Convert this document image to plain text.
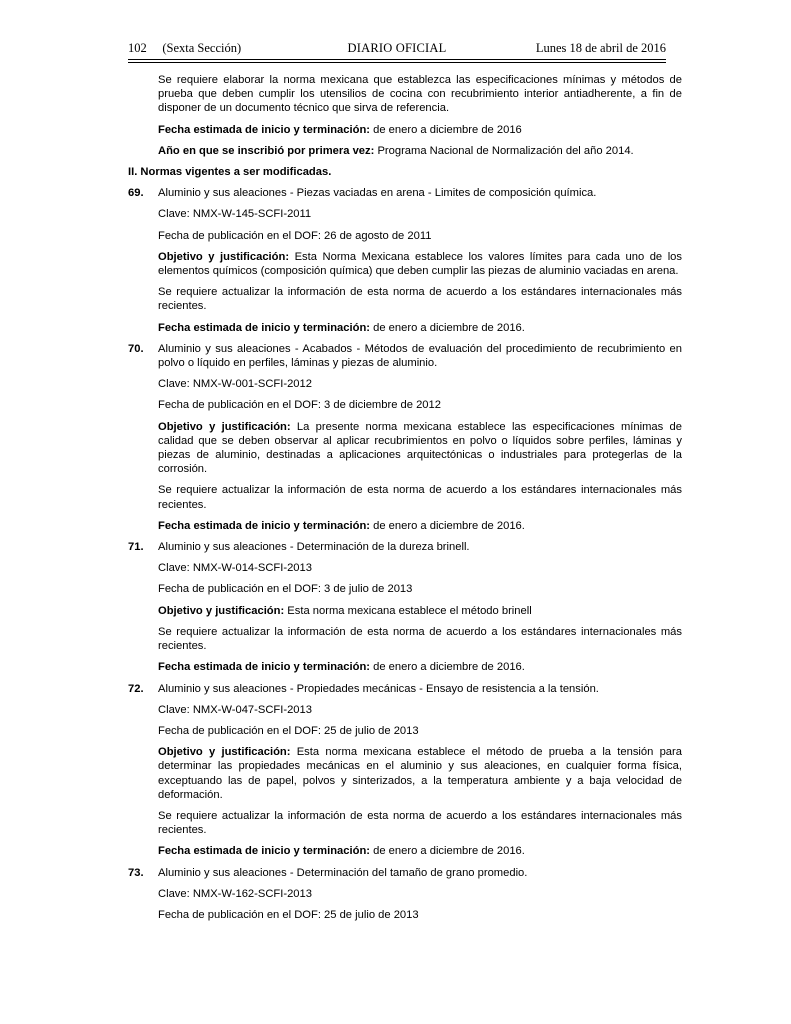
102     (Sexta Sección)	DIARIO OFICIAL	Lunes 18 de abril de 2016

Se requiere elaborar la norma mexicana que establezca las especificaciones mínimas y métodos de prueba que deben cumplir los utensilios de cocina con recubrimiento interior antiadherente, a fin de disponer de un documento técnico que sirva de referencia.

Fecha estimada de inicio y terminación: de enero a diciembre de 2016

Año en que se inscribió por primera vez: Programa Nacional de Normalización del año 2014.

II. Normas vigentes a ser modificadas.

69. Aluminio y sus aleaciones - Piezas vaciadas en arena - Limites de composición química.

Clave: NMX-W-145-SCFI-2011

Fecha de publicación en el DOF: 26 de agosto de 2011

Objetivo y justificación: Esta Norma Mexicana establece los valores límites para cada uno de los elementos químicos (composición química) que deben cumplir las piezas de aluminio vaciadas en arena.

Se requiere actualizar la información de esta norma de acuerdo a los estándares internacionales más recientes.

Fecha estimada de inicio y terminación: de enero a diciembre de 2016.

70. Aluminio y sus aleaciones - Acabados - Métodos de evaluación del procedimiento de recubrimiento en polvo o líquido en perfiles, láminas y piezas de aluminio.

Clave: NMX-W-001-SCFI-2012

Fecha de publicación en el DOF: 3 de diciembre de 2012

Objetivo y justificación: La presente norma mexicana establece las especificaciones mínimas de calidad que se deben observar al aplicar recubrimientos en polvo o líquidos sobre perfiles, láminas y piezas de aluminio, destinadas a aplicaciones arquitectónicas o industriales para protegerlas de la corrosión.

Se requiere actualizar la información de esta norma de acuerdo a los estándares internacionales más recientes.

Fecha estimada de inicio y terminación: de enero a diciembre de 2016.

71. Aluminio y sus aleaciones - Determinación de la dureza brinell.

Clave: NMX-W-014-SCFI-2013

Fecha de publicación en el DOF: 3 de julio de 2013

Objetivo y justificación: Esta norma mexicana establece el método brinell

Se requiere actualizar la información de esta norma de acuerdo a los estándares internacionales más recientes.

Fecha estimada de inicio y terminación: de enero a diciembre de 2016.

72. Aluminio y sus aleaciones - Propiedades mecánicas - Ensayo de resistencia a la tensión.

Clave: NMX-W-047-SCFI-2013

Fecha de publicación en el DOF: 25 de julio de 2013

Objetivo y justificación: Esta norma mexicana establece el método de prueba a la tensión para determinar las propiedades mecánicas en el aluminio y sus aleaciones, en cualquier forma física, exceptuando las de papel, polvos y sinterizados, a la temperatura ambiente y a baja velocidad de deformación.

Se requiere actualizar la información de esta norma de acuerdo a los estándares internacionales más recientes.

Fecha estimada de inicio y terminación: de enero a diciembre de 2016.

73. Aluminio y sus aleaciones - Determinación del tamaño de grano promedio.

Clave: NMX-W-162-SCFI-2013

Fecha de publicación en el DOF: 25 de julio de 2013
